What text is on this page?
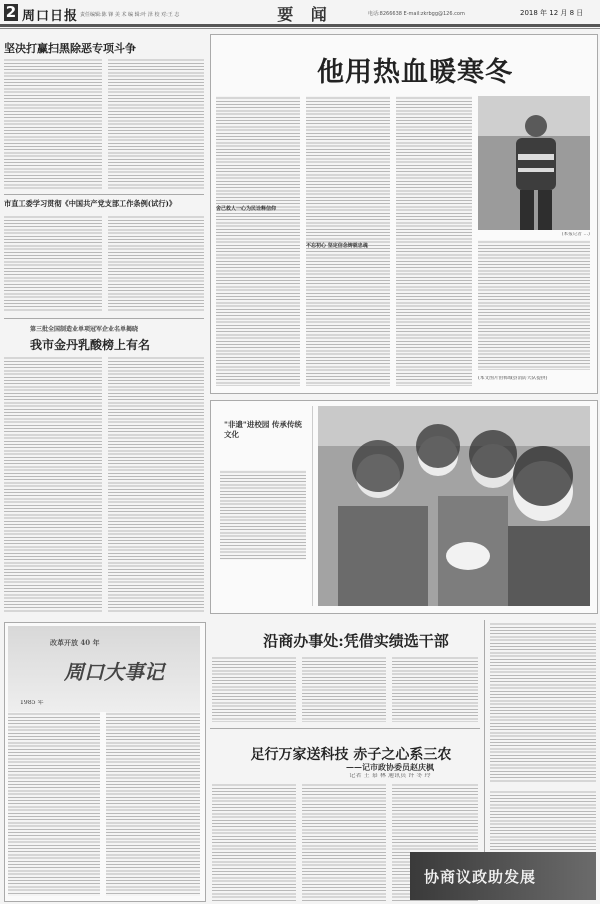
2 周口日报 责任编辑:陈 锋 美 术 编 辑:叶 泽 校 对:王 志	要 闻	电话:8266638 E-mail:zkrbgg@126.com	2018 年 12 月 8 日
坚决打赢扫黑除恶专项斗争
市直工委学习贯彻《中国共产党支部工作条例(试行)》
第三批全国制造业单项冠军企业名单揭晓
我市金丹乳酸榜上有名
他用热血暖寒冬
舍己救人一心为民诠释信仰
不忘初心 坚定信念铸就忠魂
(本报记者 ...)
(本文图片由郸城县消防大队提供)
"非遗"进校园 传承传统文化
沿商办事处:凭借实绩选干部
足行万家送科技 赤子之心系三农
——记市政协委员赵庆枫
记者 王 慕 林 通讯员 许 冬 玲
改革开放 40 年
周口大事记
1985 年
协商议政助发展
